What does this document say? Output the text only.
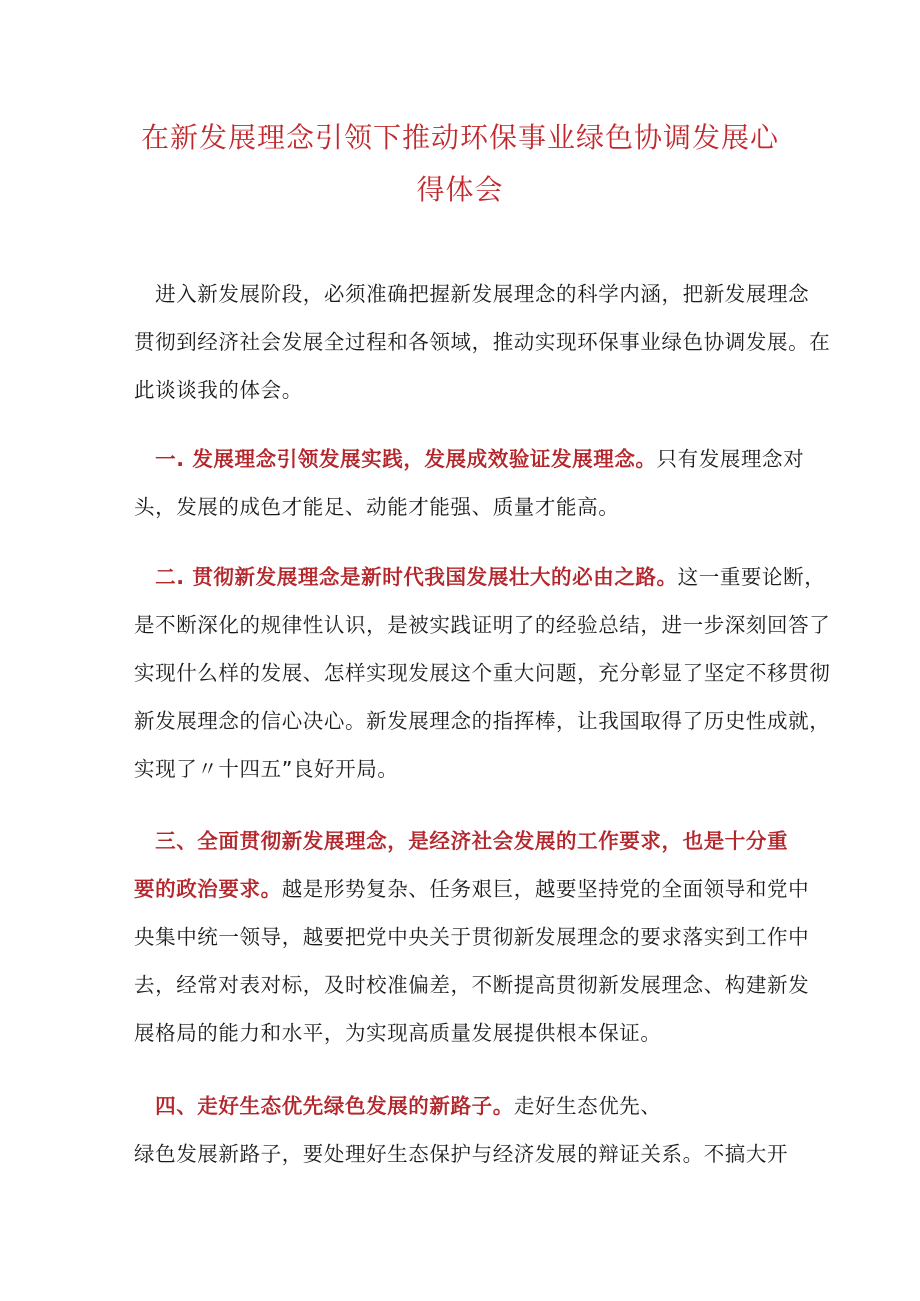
在新发展理念引领下推动环保事业绿色协调发展心
得体会

　进入新发展阶段，必须准确把握新发展理念的科学内涵，把新发展理念
贯彻到经济社会发展全过程和各领域，推动实现环保事业绿色协调发展。在
此谈谈我的体会。

　一. 发展理念引领发展实践，发展成效验证发展理念。只有发展理念对
头，发展的成色才能足、动能才能强、质量才能高。

　二. 贯彻新发展理念是新时代我国发展壮大的必由之路。这一重要论断，
是不断深化的规律性认识，是被实践证明了的经验总结，进一步深刻回答了
实现什么样的发展、怎样实现发展这个重大问题，充分彰显了坚定不移贯彻
新发展理念的信心决心。新发展理念的指挥棒，让我国取得了历史性成就，
实现了〃十四五”良好开局。

　三、全面贯彻新发展理念，是经济社会发展的工作要求，也是十分重
要的政治要求。越是形势复杂、任务艰巨，越要坚持党的全面领导和党中
央集中统一领导，越要把党中央关于贯彻新发展理念的要求落实到工作中
去，经常对表对标，及时校准偏差，不断提高贯彻新发展理念、构建新发
展格局的能力和水平，为实现高质量发展提供根本保证。

　四、走好生态优先绿色发展的新路子。走好生态优先、
绿色发展新路子，要处理好生态保护与经济发展的辩证关系。不搞大开
